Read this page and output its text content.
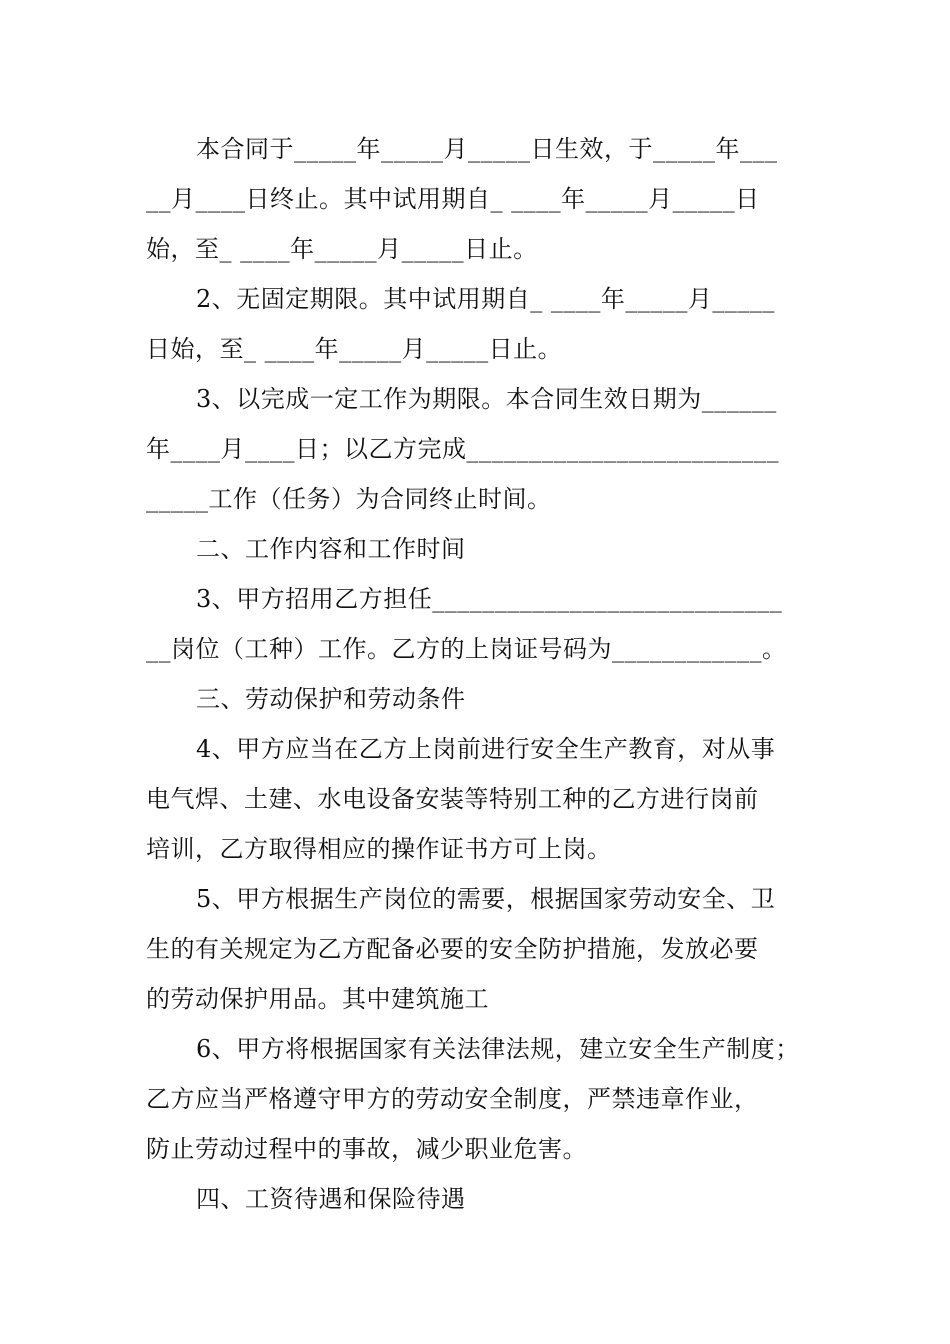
本合同于_____年_____月_____日生效，于_____年___
__月____日终止。其中试用期自_ ____年_____月_____日
始，至_ ____年_____月_____日止。
2、无固定期限。其中试用期自_ ____年_____月_____
日始，至_ ____年_____月_____日止。
3、以完成一定工作为期限。本合同生效日期为______
年____月____日；以乙方完成_________________________
_____工作（任务）为合同终止时间。
二、工作内容和工作时间
3、甲方招用乙方担任____________________________
__岗位（工种）工作。乙方的上岗证号码为____________。
三、劳动保护和劳动条件
4、甲方应当在乙方上岗前进行安全生产教育，对从事
电气焊、土建、水电设备安装等特别工种的乙方进行岗前
培训，乙方取得相应的操作证书方可上岗。
5、甲方根据生产岗位的需要，根据国家劳动安全、卫
生的有关规定为乙方配备必要的安全防护措施，发放必要
的劳动保护用品。其中建筑施工
6、甲方将根据国家有关法律法规，建立安全生产制度；
乙方应当严格遵守甲方的劳动安全制度，严禁违章作业，
防止劳动过程中的事故，减少职业危害。
四、工资待遇和保险待遇
